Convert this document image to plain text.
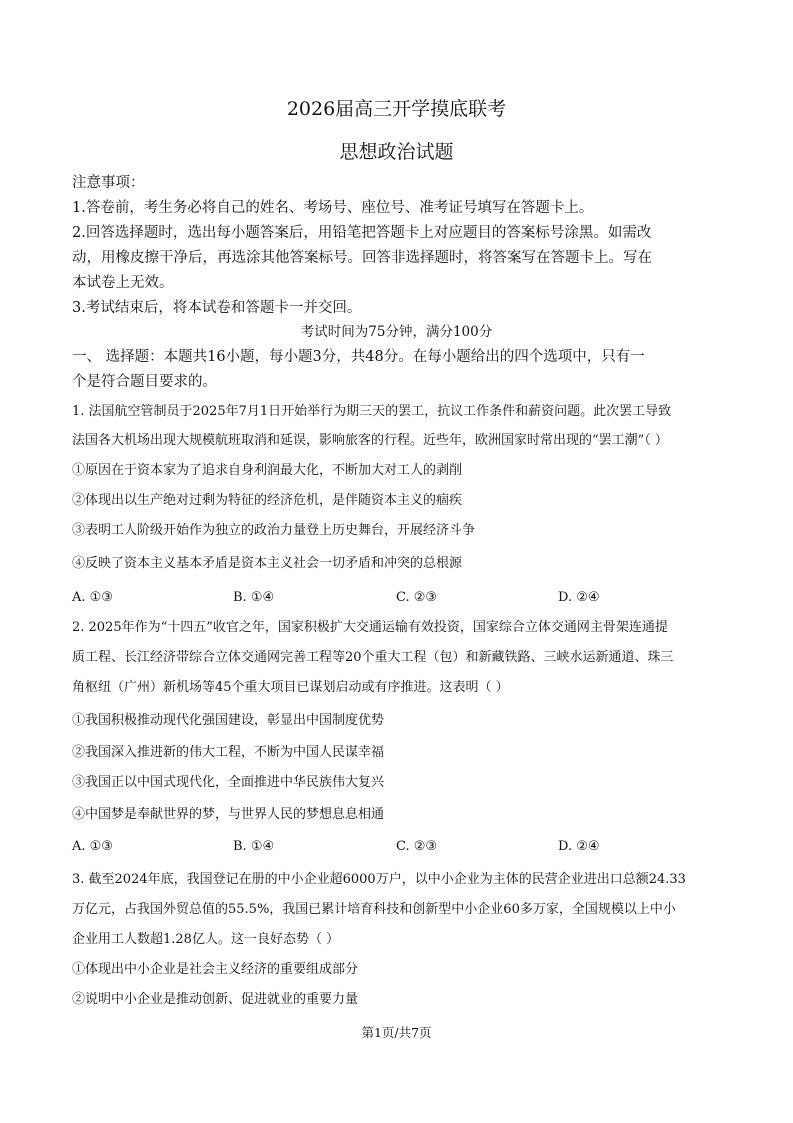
2026届高三开学摸底联考
思想政治试题
注意事项：
1.答卷前，考生务必将自己的姓名、考场号、座位号、准考证号填写在答题卡上。
2.回答选择题时，选出每小题答案后，用铅笔把答题卡上对应题目的答案标号涂黑。如需改
动，用橡皮擦干净后，再选涂其他答案标号。回答非选择题时，将答案写在答题卡上。写在
本试卷上无效。
3.考试结束后，将本试卷和答题卡一并交回。
考试时间为75分钟，满分100分
一、 选择题：本题共16小题，每小题3分，共48分。在每小题给出的四个选项中，只有一
个是符合题目要求的。
1. 法国航空管制员于2025年7月1日开始举行为期三天的罢工，抗议工作条件和薪资问题。此次罢工导致
法国各大机场出现大规模航班取消和延误，影响旅客的行程。近些年，欧洲国家时常出现的“罢工潮”（ ）
①原因在于资本家为了追求自身利润最大化，不断加大对工人的剥削
②体现出以生产绝对过剩为特征的经济危机，是伴随资本主义的痼疾
③表明工人阶级开始作为独立的政治力量登上历史舞台，开展经济斗争
④反映了资本主义基本矛盾是资本主义社会一切矛盾和冲突的总根源
A. ①③	B. ①④	C. ②③	D. ②④
2. 2025年作为“十四五”收官之年，国家积极扩大交通运输有效投资，国家综合立体交通网主骨架连通提
质工程、长江经济带综合立体交通网完善工程等20个重大工程（包）和新藏铁路、三峡水运新通道、珠三
角枢纽（广州）新机场等45个重大项目已谋划启动或有序推进。这表明（ ）
①我国积极推动现代化强国建设，彰显出中国制度优势
②我国深入推进新的伟大工程，不断为中国人民谋幸福
③我国正以中国式现代化，全面推进中华民族伟大复兴
④中国梦是奉献世界的梦，与世界人民的梦想息息相通
A. ①③	B. ①④	C. ②③	D. ②④
3. 截至2024年底，我国登记在册的中小企业超6000万户，以中小企业为主体的民营企业进出口总额24.33
万亿元，占我国外贸总值的55.5%，我国已累计培育科技和创新型中小企业60多万家，全国规模以上中小
企业用工人数超1.28亿人。这一良好态势（ ）
①体现出中小企业是社会主义经济的重要组成部分
②说明中小企业是推动创新、促进就业的重要力量
第1页/共7页
